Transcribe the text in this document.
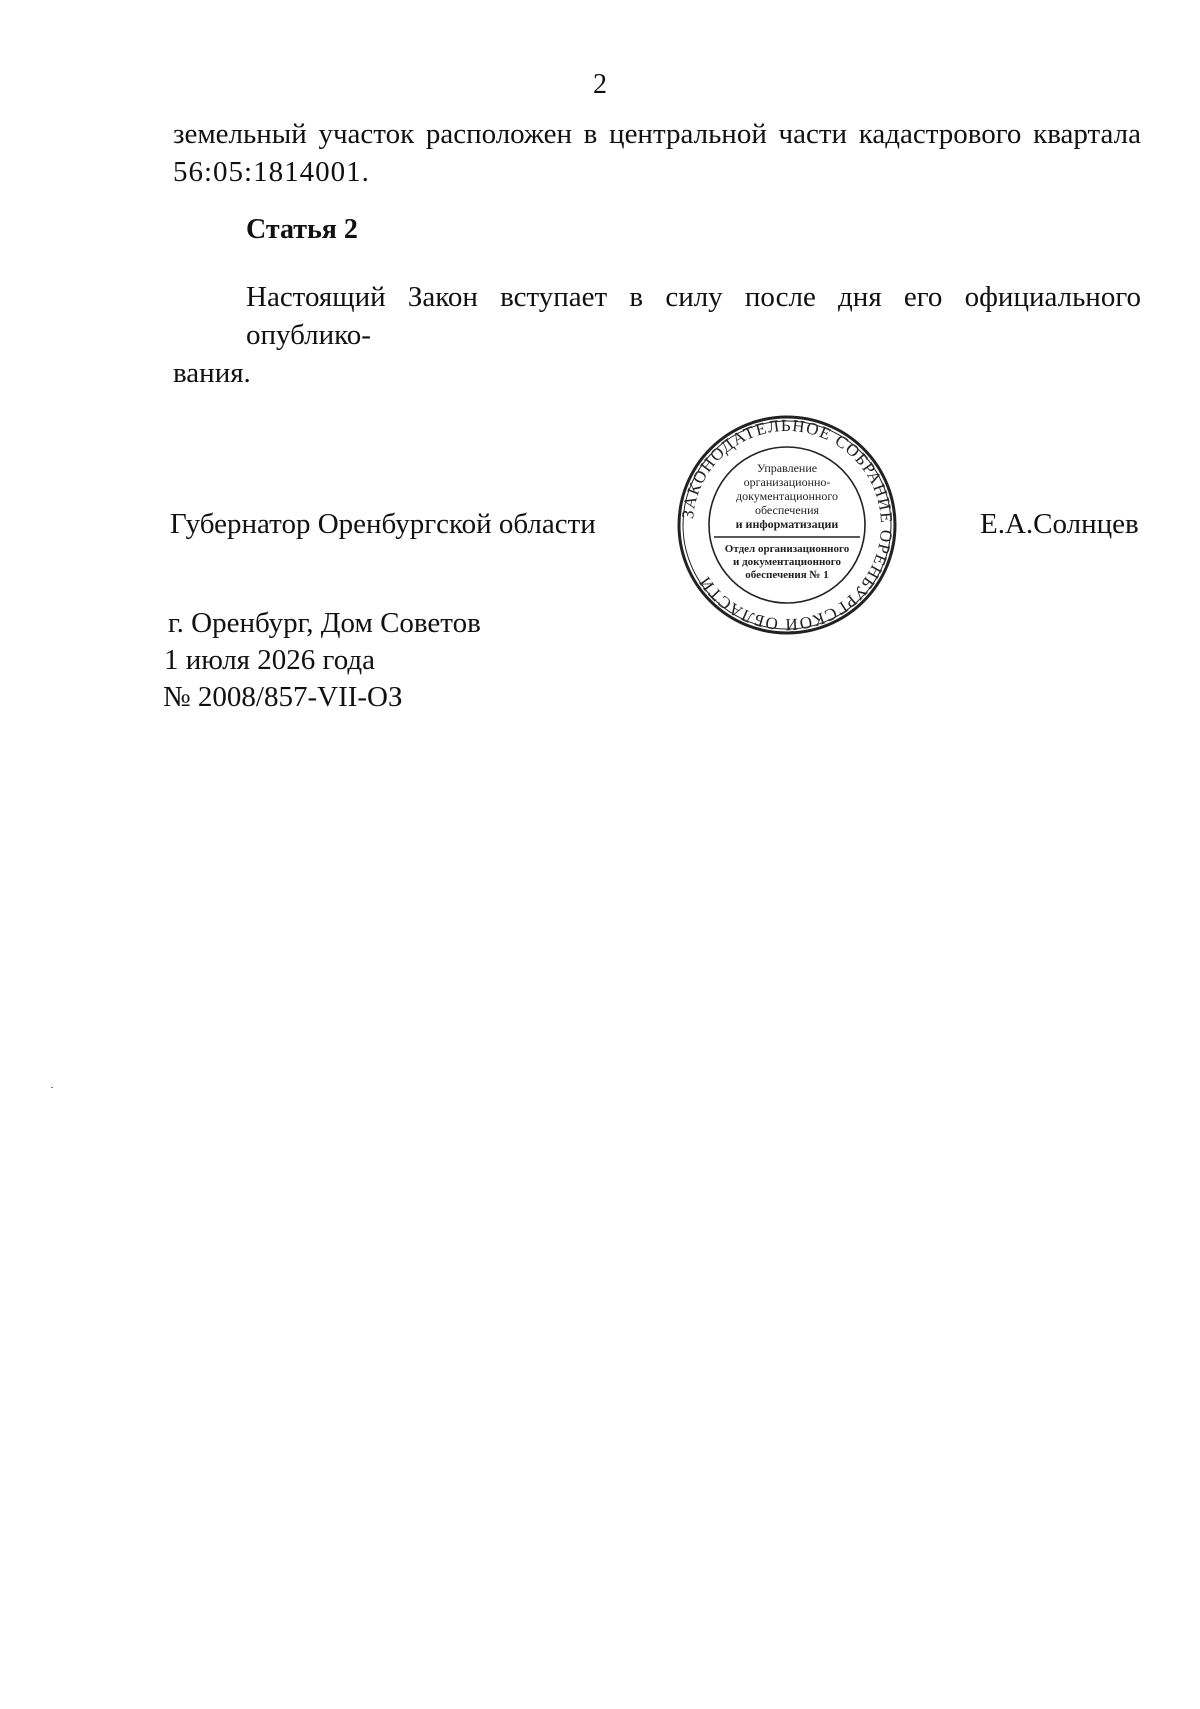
2
земельный участок расположен в центральной части кадастрового квартала
56:05:1814001.
Статья 2
Настоящий Закон вступает в силу после дня его официального опублико-
вания.
Губернатор Оренбургской области	ЗАКОНОДАТЕЛЬНОЕ СОБРАНИЕ ОРЕНБУРГСКОЙ ОБЛАСТИ
Управление
организационно-
документационного
обеспечения
и информатизации
Отдел организационного
и документационного
обеспечения № 1
Е.А.Солнцев
г. Оренбург, Дом Советов
1 июля 2026 года
№ 2008/857-VII-ОЗ
